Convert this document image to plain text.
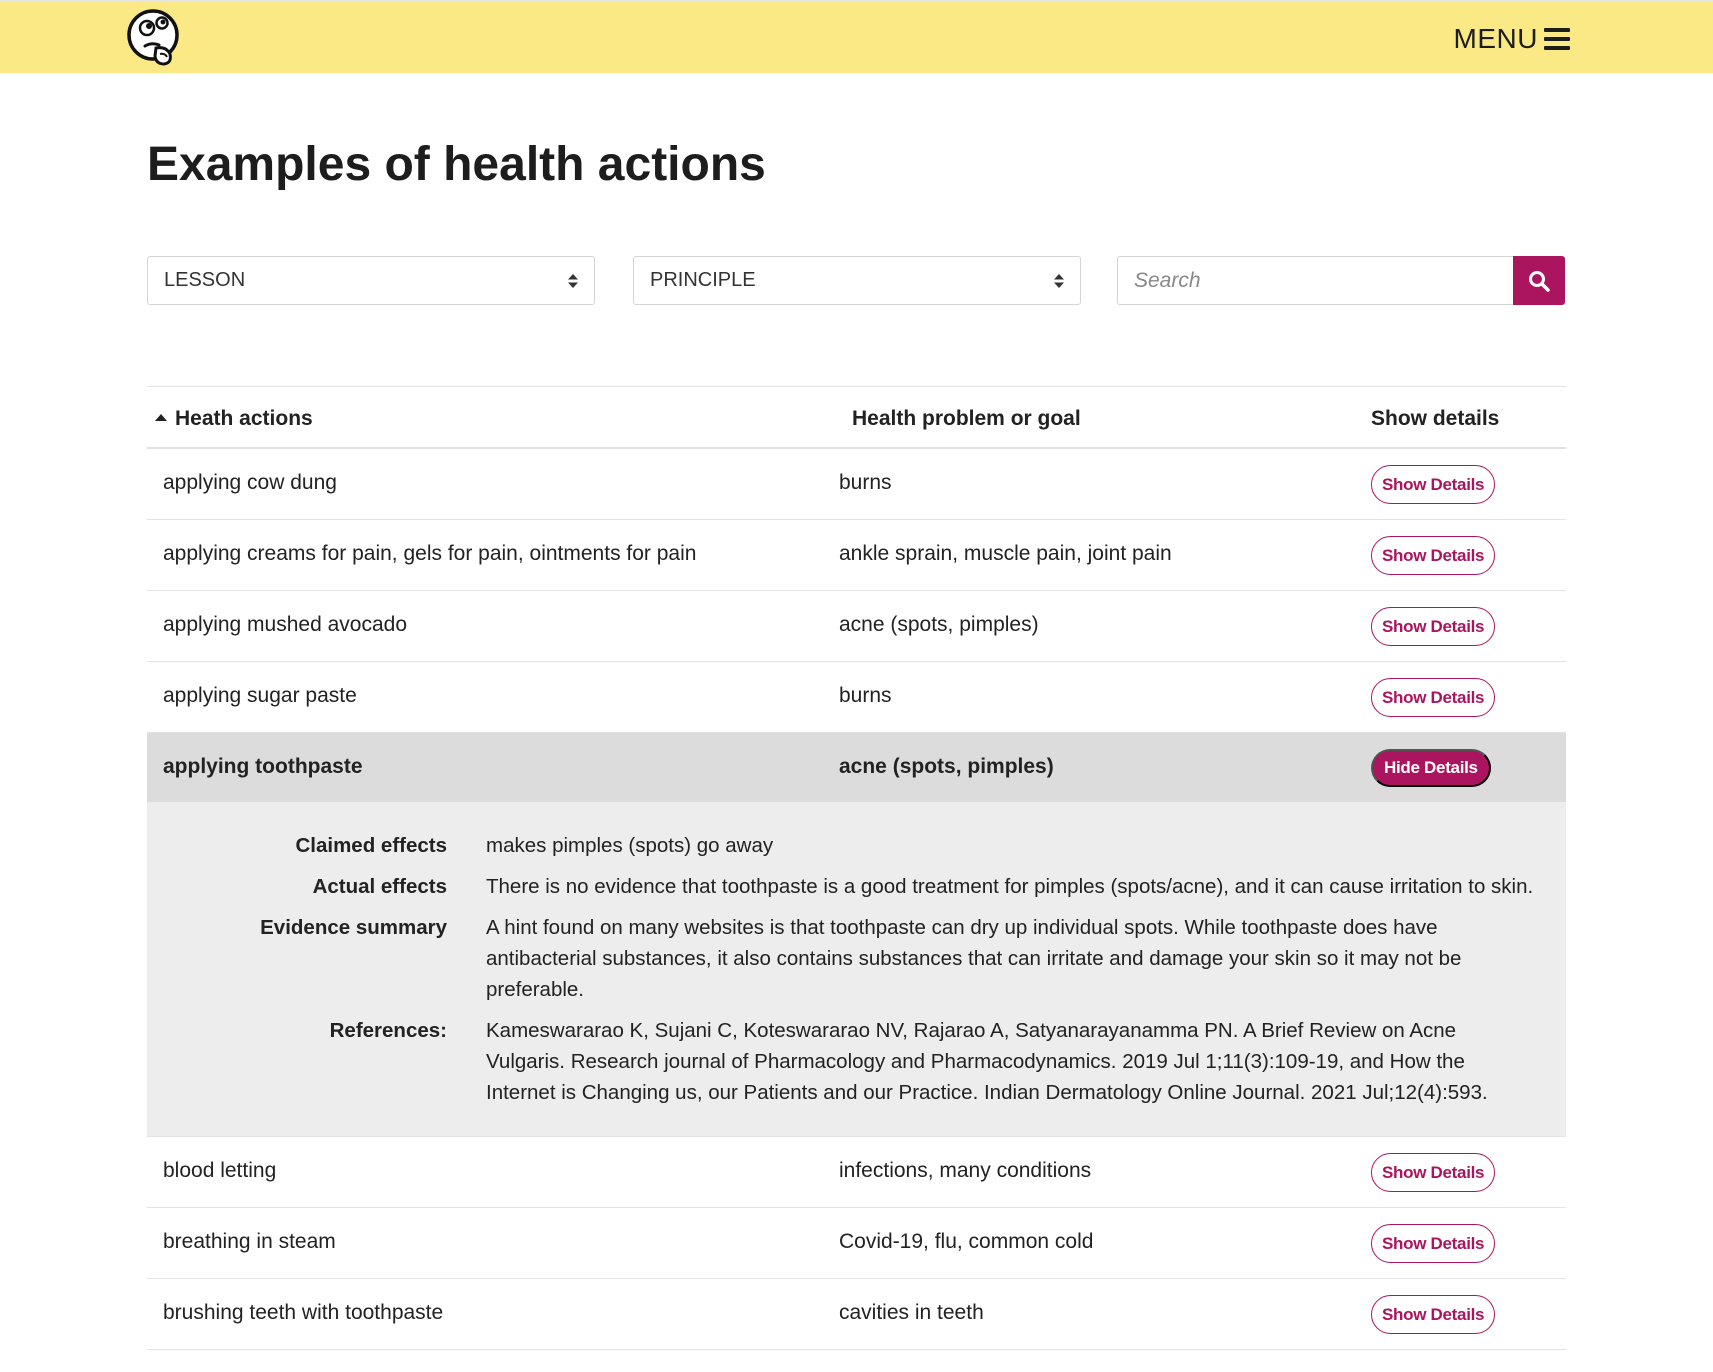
MENU
Examples of health actions
LESSON	PRINCIPLE
Search
Heath actions	Health problem or goal	Show details
applying cow dung	burns	Show Details
applying creams for pain, gels for pain, ointments for pain	ankle sprain, muscle pain, joint pain	Show Details
applying mushed avocado	acne (spots, pimples)	Show Details
applying sugar paste	burns	Show Details
applying toothpaste	acne (spots, pimples)	Hide Details
Claimed effects	makes pimples (spots) go away
Actual effects	There is no evidence that toothpaste is a good treatment for pimples (spots/acne), and it can cause irritation to skin.
Evidence summary	A hint found on many websites is that toothpaste can dry up individual spots. While toothpaste does have antibacterial substances, it also contains substances that can irritate and damage your skin so it may not be preferable.
References:	Kameswararao K, Sujani C, Koteswararao NV, Rajarao A, Satyanarayanamma PN. A Brief Review on Acne Vulgaris. Research journal of Pharmacology and Pharmacodynamics. 2019 Jul 1;11(3):109-19, and How the Internet is Changing us, our Patients and our Practice. Indian Dermatology Online Journal. 2021 Jul;12(4):593.
blood letting	infections, many conditions	Show Details
breathing in steam	Covid-19, flu, common cold	Show Details
brushing teeth with toothpaste	cavities in teeth	Show Details
